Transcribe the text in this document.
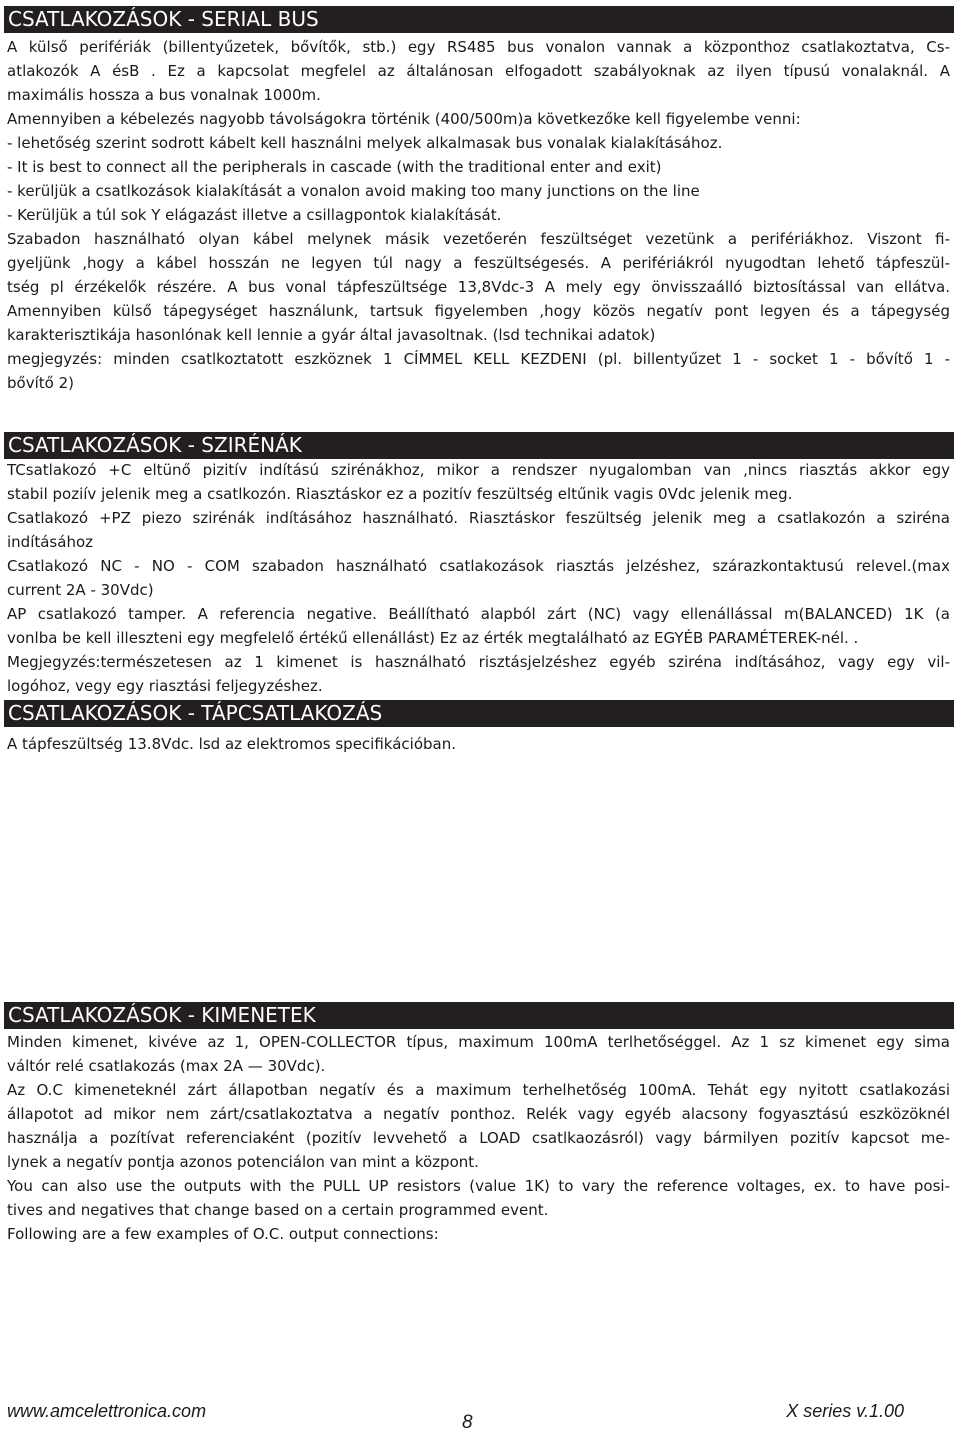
CSATLAKOZÁSOK - SERIAL BUS
A külső perifériák (billentyűzetek, bővítők, stb.) egy RS485 bus vonalon vannak a központhoz csatlakoztatva, Cs-
atlakozók A ésB . Ez a kapcsolat megfelel az általánosan elfogadott szabályoknak az ilyen típusú vonalaknál. A
maximális hossza a bus vonalnak 1000m.
Amennyiben a kébelezés nagyobb távolságokra történik (400/500m)a következőke kell figyelembe venni:
- lehetőség szerint sodrott kábelt kell használni melyek alkalmasak bus vonalak kialakításához.
- It is best to connect all the peripherals in cascade (with the traditional enter and exit)
- kerüljük a csatlkozások kialakítását a vonalon avoid making too many junctions on the line
- Kerüljük a túl sok Y elágazást illetve a csillagpontok kialakítását.
Szabadon használható olyan kábel melynek másik vezetőerén feszültséget vezetünk a perifériákhoz. Viszont fi-
gyeljünk ,hogy a kábel hosszán ne legyen túl nagy a feszültségesés. A perifériákról nyugodtan lehető tápfeszül-
tség pl érzékelők részére. A bus vonal tápfeszültsége 13,8Vdc-3 A mely egy önvisszaálló biztosítással van ellátva.
Amennyiben külső tápegységet használunk, tartsuk figyelemben ,hogy közös negatív pont legyen és a tápegység
karakterisztikája hasonlónak kell lennie a gyár által javasoltnak. (lsd technikai adatok)
megjegyzés: minden csatlkoztatott eszköznek 1 CÍMMEL KELL KEZDENI (pl. billentyűzet 1 - socket 1 - bővítő 1 -
bővítő 2)
CSATLAKOZÁSOK - SZIRÉNÁK
TCsatlakozó +C eltünő pizitív indítású szirénákhoz, mikor a rendszer nyugalomban van ,nincs riasztás akkor egy
stabil poziív jelenik meg a csatlkozón. Riasztáskor ez a pozitív feszültség eltűnik vagis 0Vdc jelenik meg.
Csatlakozó +PZ piezo szirénák indításához használható. Riasztáskor feszültség jelenik meg a csatlakozón a sziréna
indításához
Csatlakozó NC - NO - COM szabadon használható csatlakozások riasztás jelzéshez, szárazkontaktusú relevel.(max
current 2A - 30Vdc)
AP csatlakozó tamper. A referencia negative. Beállítható alapból zárt (NC) vagy ellenállással m(BALANCED) 1K (a
vonlba be kell illeszteni egy megfelelő értékű ellenállást) Ez az érték megtalálható az EGYÉB PARAMÉTEREK-nél. .
Megjegyzés:természetesen az 1 kimenet is használható risztásjelzéshez egyéb sziréna indításához, vagy egy vil-
logóhoz, vegy egy riasztási feljegyzéshez.
CSATLAKOZÁSOK - TÁPCSATLAKOZÁS
A tápfeszültség 13.8Vdc. lsd az elektromos specifikációban.
CSATLAKOZÁSOK - KIMENETEK
Minden kimenet, kivéve az 1, OPEN-COLLECTOR típus, maximum 100mA terlhetőséggel. Az 1 sz kimenet egy sima
váltór relé csatlakozás (max 2A — 30Vdc).
Az O.C kimeneteknél zárt állapotban negatív és a maximum terhelhetőség 100mA. Tehát egy nyitott csatlakozási
állapotot ad mikor nem zárt/csatlakoztatva a negatív ponthoz. Relék vagy egyéb alacsony fogyasztású eszközöknél
használja a pozítívat referenciaként (pozitív levvehető a LOAD csatlkaozásról) vagy bármilyen pozitív kapcsot me-
lynek a negatív pontja azonos potenciálon van mint a központ.
You can also use the outputs with the PULL UP resistors (value 1K) to vary the reference voltages, ex. to have posi-
tives and negatives that change based on a certain programmed event.
Following are a few examples of O.C. output connections:
www.amcelettronica.com
8
X series v.1.00
